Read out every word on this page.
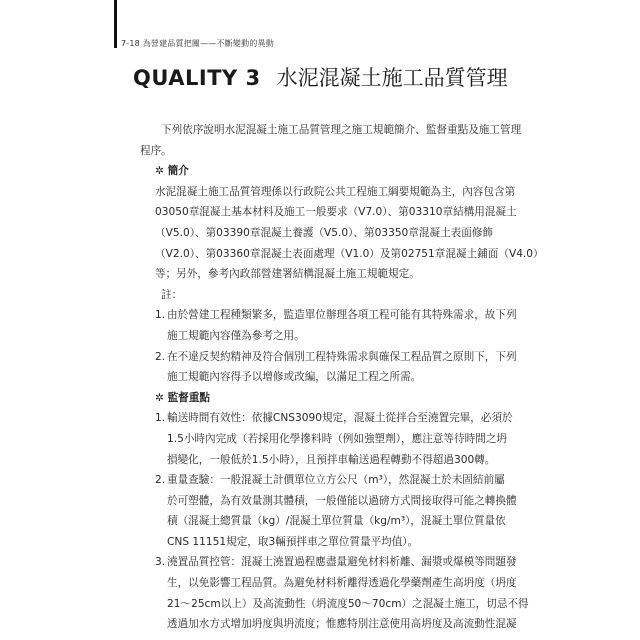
7-18 為營建品質把關——不斷變動的異動
QUALITY 3 水泥混凝土施工品質管理
下列依序說明水泥混凝土施工品質管理之施工規範簡介、監督重點及施工管理
程序。
✲ 簡介
水泥混凝土施工品質管理係以行政院公共工程施工綱要規範為主，內容包含第
03050章混凝土基本材料及施工一般要求（V7.0）、第03310章結構用混凝土
（V5.0）、第03390章混凝土養護（V5.0）、第03350章混凝土表面修飾
（V2.0）、第03360章混凝土表面處理（V1.0）及第02751章混凝土鋪面（V4.0）
等；另外，參考內政部營建署結構混凝土施工規範規定。
註：
1. 由於營建工程種類繁多，監造單位辦理各項工程可能有其特殊需求，故下列
施工規範內容僅為參考之用。
2. 在不違反契約精神及符合個別工程特殊需求與確保工程品質之原則下，下列
施工規範內容得予以增修或改編，以滿足工程之所需。
✲ 監督重點
1. 輸送時間有效性：依據CNS3090規定，混凝土從拌合至澆置完畢，必須於
1.5小時內完成（若採用化學摻料時（例如強塑劑），應注意等待時間之坍
損變化，一般低於1.5小時），且預拌車輸送過程轉動不得超過300轉。
2. 重量查驗：一般混凝土計價單位立方公尺（m³），然混凝土於未固結前屬
於可塑體，為有效量測其體積，一般僅能以過磅方式間接取得可能之轉換體
積（混凝土總質量（kg）/混凝土單位質量（kg/m³），混凝土單位質量依
CNS 11151規定，取3輛預拌車之單位質量平均值）。
3. 澆置品質控管：混凝土澆置過程應盡量避免材料析離、漏漿或爆模等問題發
生，以免影響工程品質。為避免材料析離得透過化學藥劑產生高坍度（坍度
21～25cm以上）及高流動性（坍流度50～70cm）之混凝土施工，切忌不得
透過加水方式增加坍度與坍流度；惟應特別注意使用高坍度及高流動性混凝
